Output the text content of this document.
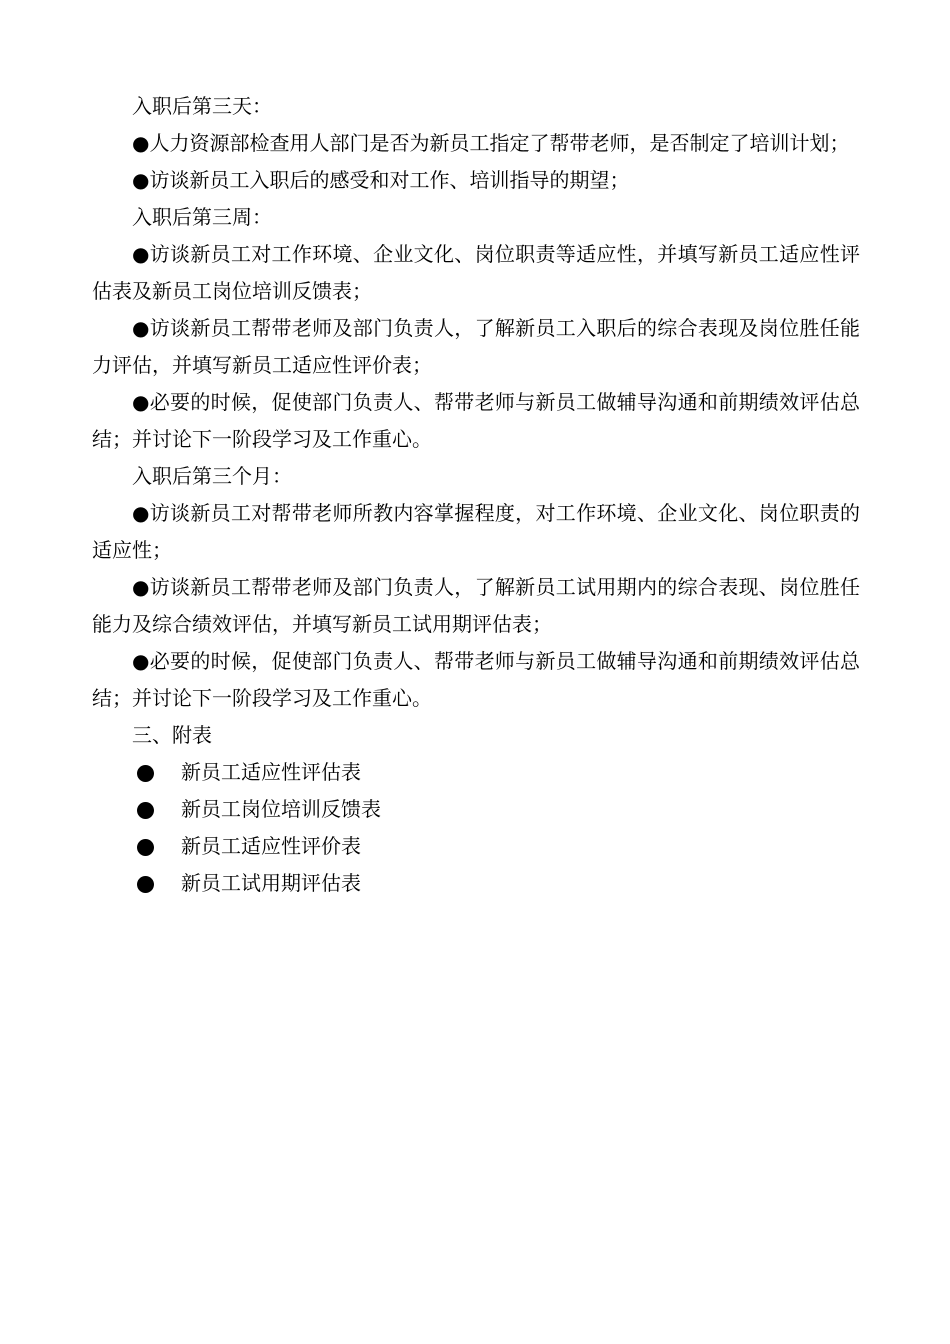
入职后第三天：

●人力资源部检查用人部门是否为新员工指定了帮带老师，是否制定了培训计划；

●访谈新员工入职后的感受和对工作、培训指导的期望；

入职后第三周：

●访谈新员工对工作环境、企业文化、岗位职责等适应性，并填写新员工适应性评估表及新员工岗位培训反馈表；

●访谈新员工帮带老师及部门负责人，了解新员工入职后的综合表现及岗位胜任能力评估，并填写新员工适应性评价表；

●必要的时候，促使部门负责人、帮带老师与新员工做辅导沟通和前期绩效评估总结；并讨论下一阶段学习及工作重心。

入职后第三个月：

●访谈新员工对帮带老师所教内容掌握程度，对工作环境、企业文化、岗位职责的适应性；

●访谈新员工帮带老师及部门负责人，了解新员工试用期内的综合表现、岗位胜任能力及综合绩效评估，并填写新员工试用期评估表；

●必要的时候，促使部门负责人、帮带老师与新员工做辅导沟通和前期绩效评估总结；并讨论下一阶段学习及工作重心。

三、附表

新员工适应性评估表
新员工岗位培训反馈表
新员工适应性评价表
新员工试用期评估表
